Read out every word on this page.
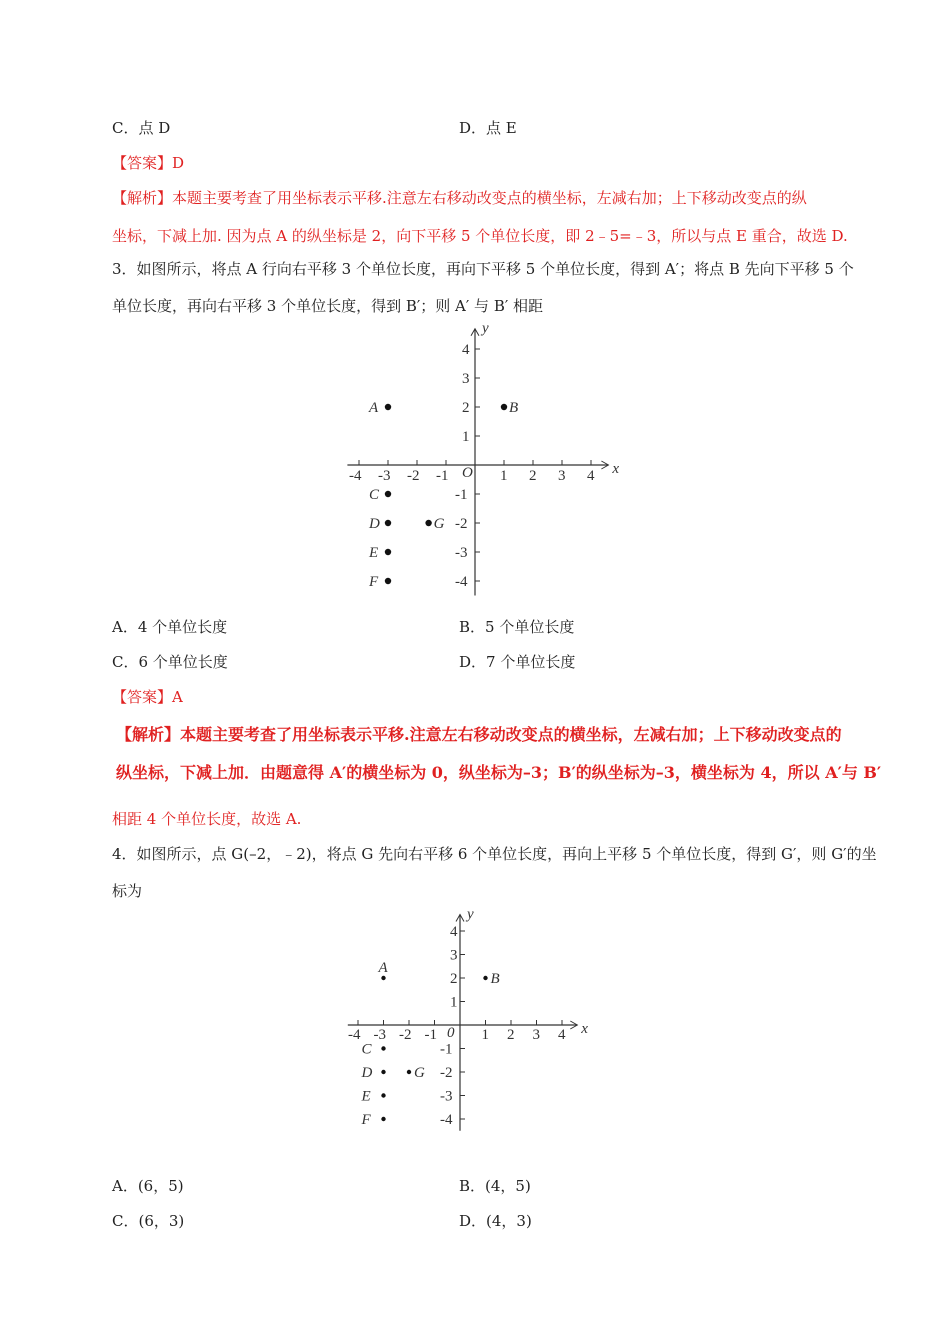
C．点 D	D．点 E
【答案】D
【解析】本题主要考查了用坐标表示平移.注意左右移动改变点的横坐标，左减右加；上下移动改变点的纵
坐标，下减上加. 因为点 A 的纵坐标是 2，向下平移 5 个单位长度，即 2﹣5=﹣3，所以与点 E 重合，故选 D.
3．如图所示，将点 A 行向右平移 3 个单位长度，再向下平移 5 个单位长度，得到 A′；将点 B 先向下平移 5 个
单位长度，再向右平移 3 个单位长度，得到 B′；则 A′ 与 B′ 相距
A．4 个单位长度	B．5 个单位长度
C．6 个单位长度	D．7 个单位长度
【答案】A
【解析】本题主要考查了用坐标表示平移.注意左右移动改变点的横坐标，左减右加；上下移动改变点的
纵坐标，下减上加．由题意得 A′的横坐标为 0，纵坐标为–3；B′的纵坐标为–3，横坐标为 4，所以 A′与 B′
相距 4 个单位长度，故选 A.
4．如图所示，点 G(–2，﹣2)，将点 G 先向右平移 6 个单位长度，再向上平移 5 个单位长度，得到 G′，则 G′的坐
标为
A．(6，5)	B．(4，5)
C．(6，3)	D．(4，3)
x
y
O
-4
-4
-3
-3
-2
-2
-1
-1
1
1
2
2
3
3
4
4
A	B
C
D	G
E
F
x
y
0
-4
-4
-3
-3
-2
-2
-1
-1
1
1
2
2
3
3
4
4
A
B
C
D	G
E
F
